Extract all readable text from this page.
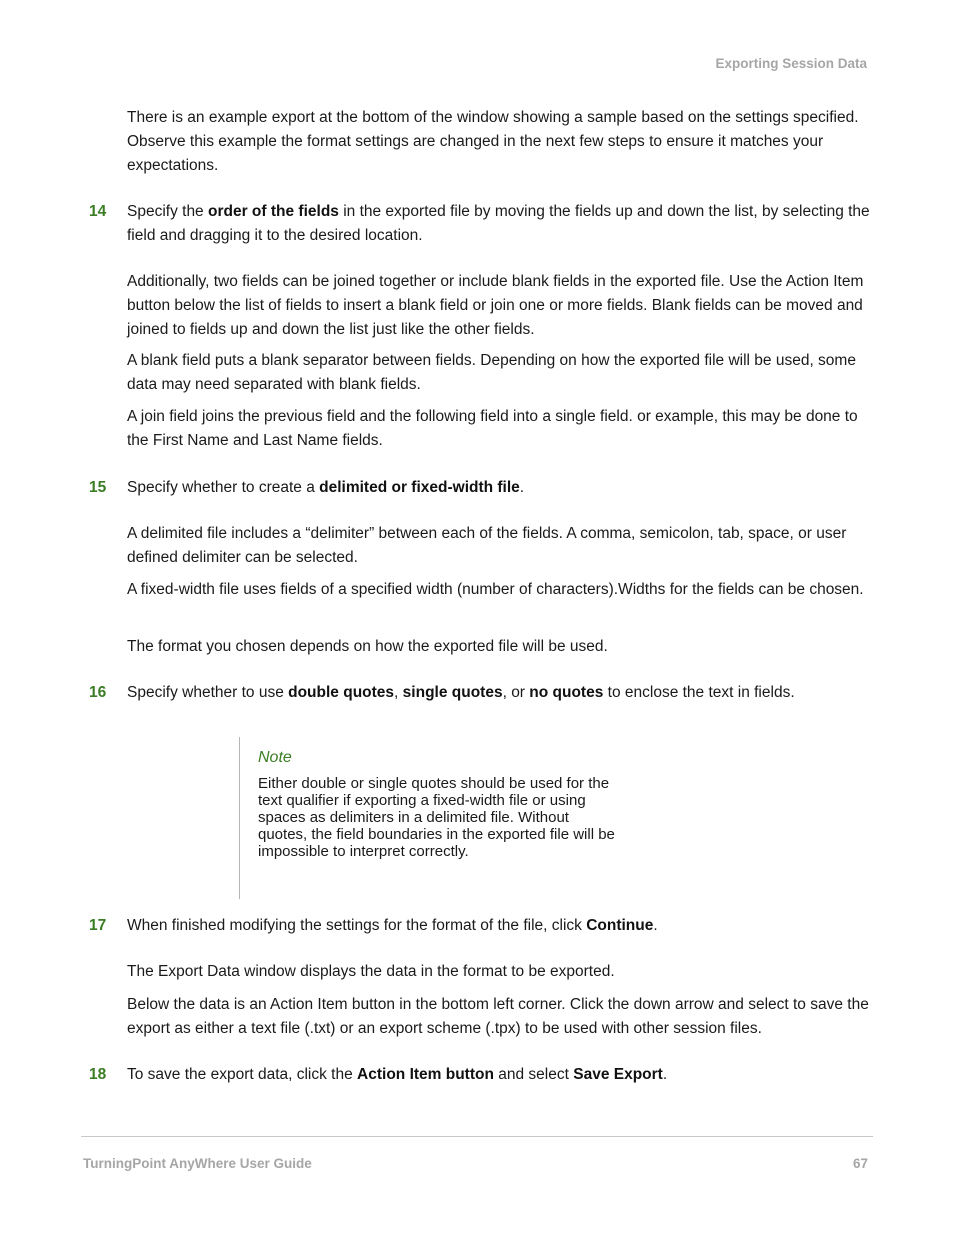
Exporting Session Data

There is an example export at the bottom of the window showing a sample based on the settings specified. Observe this example the format settings are changed in the next few steps to ensure it matches your expectations.

14 Specify the order of the fields in the exported file by moving the fields up and down the list, by selecting the field and dragging it to the desired location.

Additionally, two fields can be joined together or include blank fields in the exported file. Use the Action Item button below the list of fields to insert a blank field or join one or more fields. Blank fields can be moved and joined to fields up and down the list just like the other fields.

A blank field puts a blank separator between fields. Depending on how the exported file will be used, some data may need separated with blank fields.

A join field joins the previous field and the following field into a single field. or example, this may be done to the First Name and Last Name fields.

15 Specify whether to create a delimited or fixed-width file.

A delimited file includes a “delimiter” between each of the fields. A comma, semicolon, tab, space, or user defined delimiter can be selected.

A fixed-width file uses fields of a specified width (number of characters).Widths for the fields can be chosen.

The format you chosen depends on how the exported file will be used.

16 Specify whether to use double quotes, single quotes, or no quotes to enclose the text in fields.

Note
Either double or single quotes should be used for the text qualifier if exporting a fixed-width file or using spaces as delimiters in a delimited file. Without quotes, the field boundaries in the exported file will be impossible to interpret correctly.

17 When finished modifying the settings for the format of the file, click Continue.

The Export Data window displays the data in the format to be exported.

Below the data is an Action Item button in the bottom left corner. Click the down arrow and select to save the export as either a text file (.txt) or an export scheme (.tpx) to be used with other session files.

18 To save the export data, click the Action Item button and select Save Export.

TurningPoint AnyWhere User Guide	67
